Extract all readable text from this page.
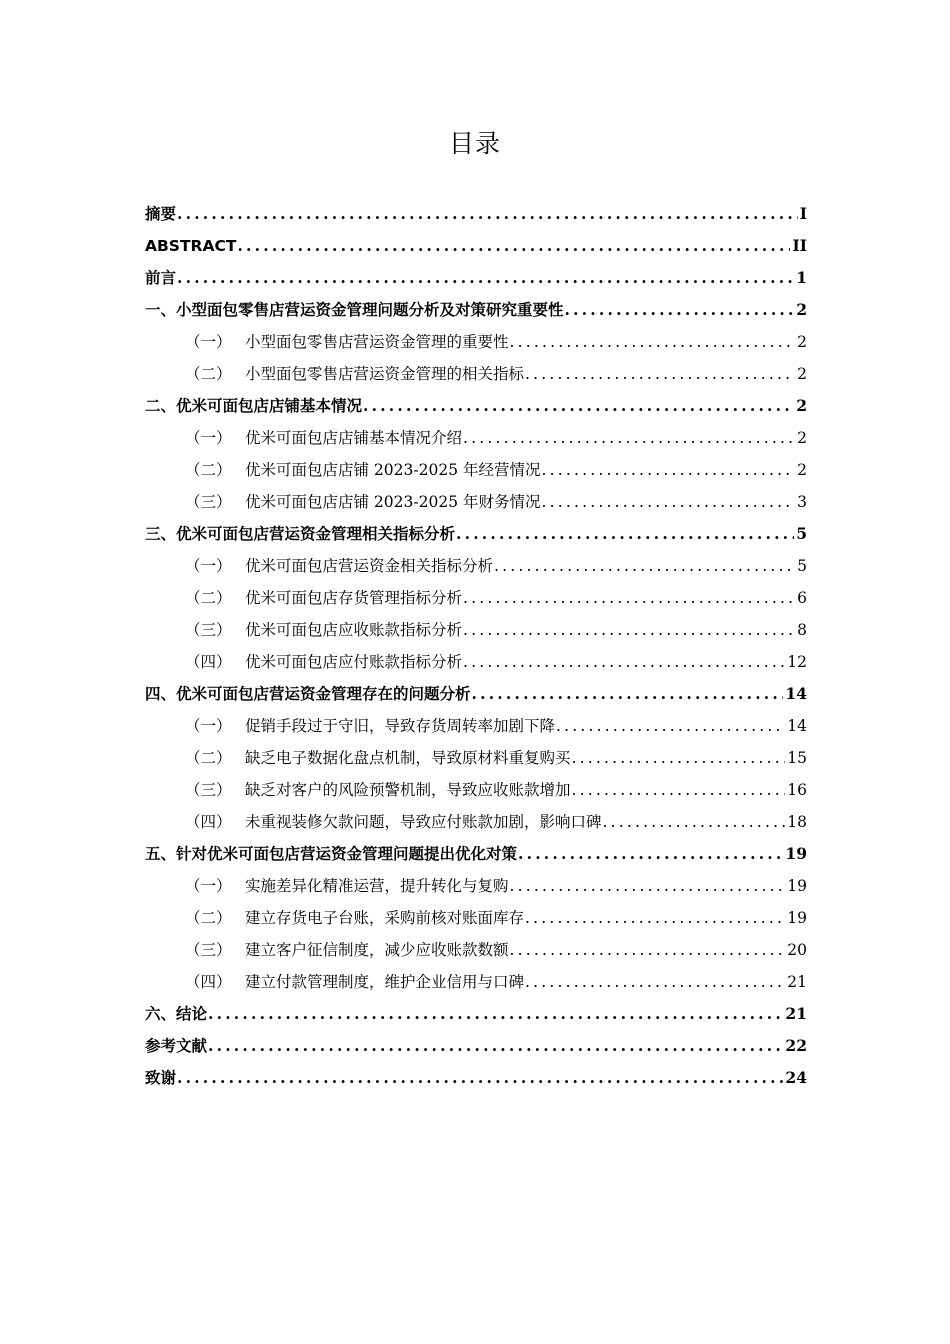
目录
摘要 .....	I
ABSTRACT .....	II
前言 .....	1
一、小型面包零售店营运资金管理问题分析及对策研究重要性 .....	2
（一） 小型面包零售店营运资金管理的重要性 .....	2
（二） 小型面包零售店营运资金管理的相关指标 .....	2
二、优米可面包店店铺基本情况 .....	2
（一） 优米可面包店店铺基本情况介绍 .....	2
（二） 优米可面包店店铺 2023-2025 年经营情况 .....	2
（三） 优米可面包店店铺 2023-2025 年财务情况 .....	3
三、优米可面包店营运资金管理相关指标分析 .....	5
（一） 优米可面包店营运资金相关指标分析 .....	5
（二） 优米可面包店存货管理指标分析 .....	6
（三） 优米可面包店应收账款指标分析 .....	8
（四） 优米可面包店应付账款指标分析 .....	12
四、优米可面包店营运资金管理存在的问题分析 .....	14
（一） 促销手段过于守旧，导致存货周转率加剧下降 .....	14
（二） 缺乏电子数据化盘点机制，导致原材料重复购买 .....	15
（三） 缺乏对客户的风险预警机制，导致应收账款增加 .....	16
（四） 未重视装修欠款问题，导致应付账款加剧，影响口碑 .....	18
五、针对优米可面包店营运资金管理问题提出优化对策 .....	19
（一） 实施差异化精准运营，提升转化与复购 .....	19
（二） 建立存货电子台账，采购前核对账面库存 .....	19
（三） 建立客户征信制度，减少应收账款数额 .....	20
（四） 建立付款管理制度，维护企业信用与口碑 .....	21
六、结论 .....	21
参考文献 .....	22
致谢 .....	24
